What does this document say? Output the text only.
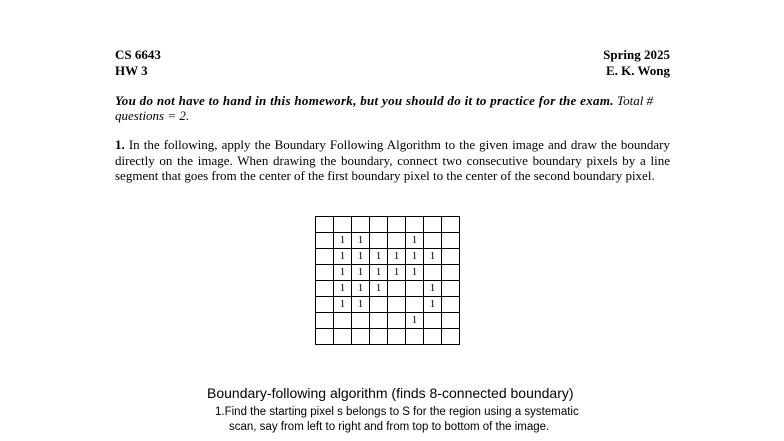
CS 6643
HW 3
Spring 2025
E. K. Wong
You do not have to hand in this homework, but you should do it to practice for the exam. Total # questions = 2.
1. In the following, apply the Boundary Following Algorithm to the given image and draw the boundary directly on the image. When drawing the boundary, connect two consecutive boundary pixels by a line segment that goes from the center of the first boundary pixel to the center of the second boundary pixel.

	1	1			1		
	1	1	1	1	1	1	
	1	1	1	1	1		
	1	1	1			1	
	1	1				1	
					1		

Boundary-following algorithm (finds 8-connected boundary)
1.Find the starting pixel s belongs to S for the region using a systematic scan, say from left to right and from top to bottom of the image.
